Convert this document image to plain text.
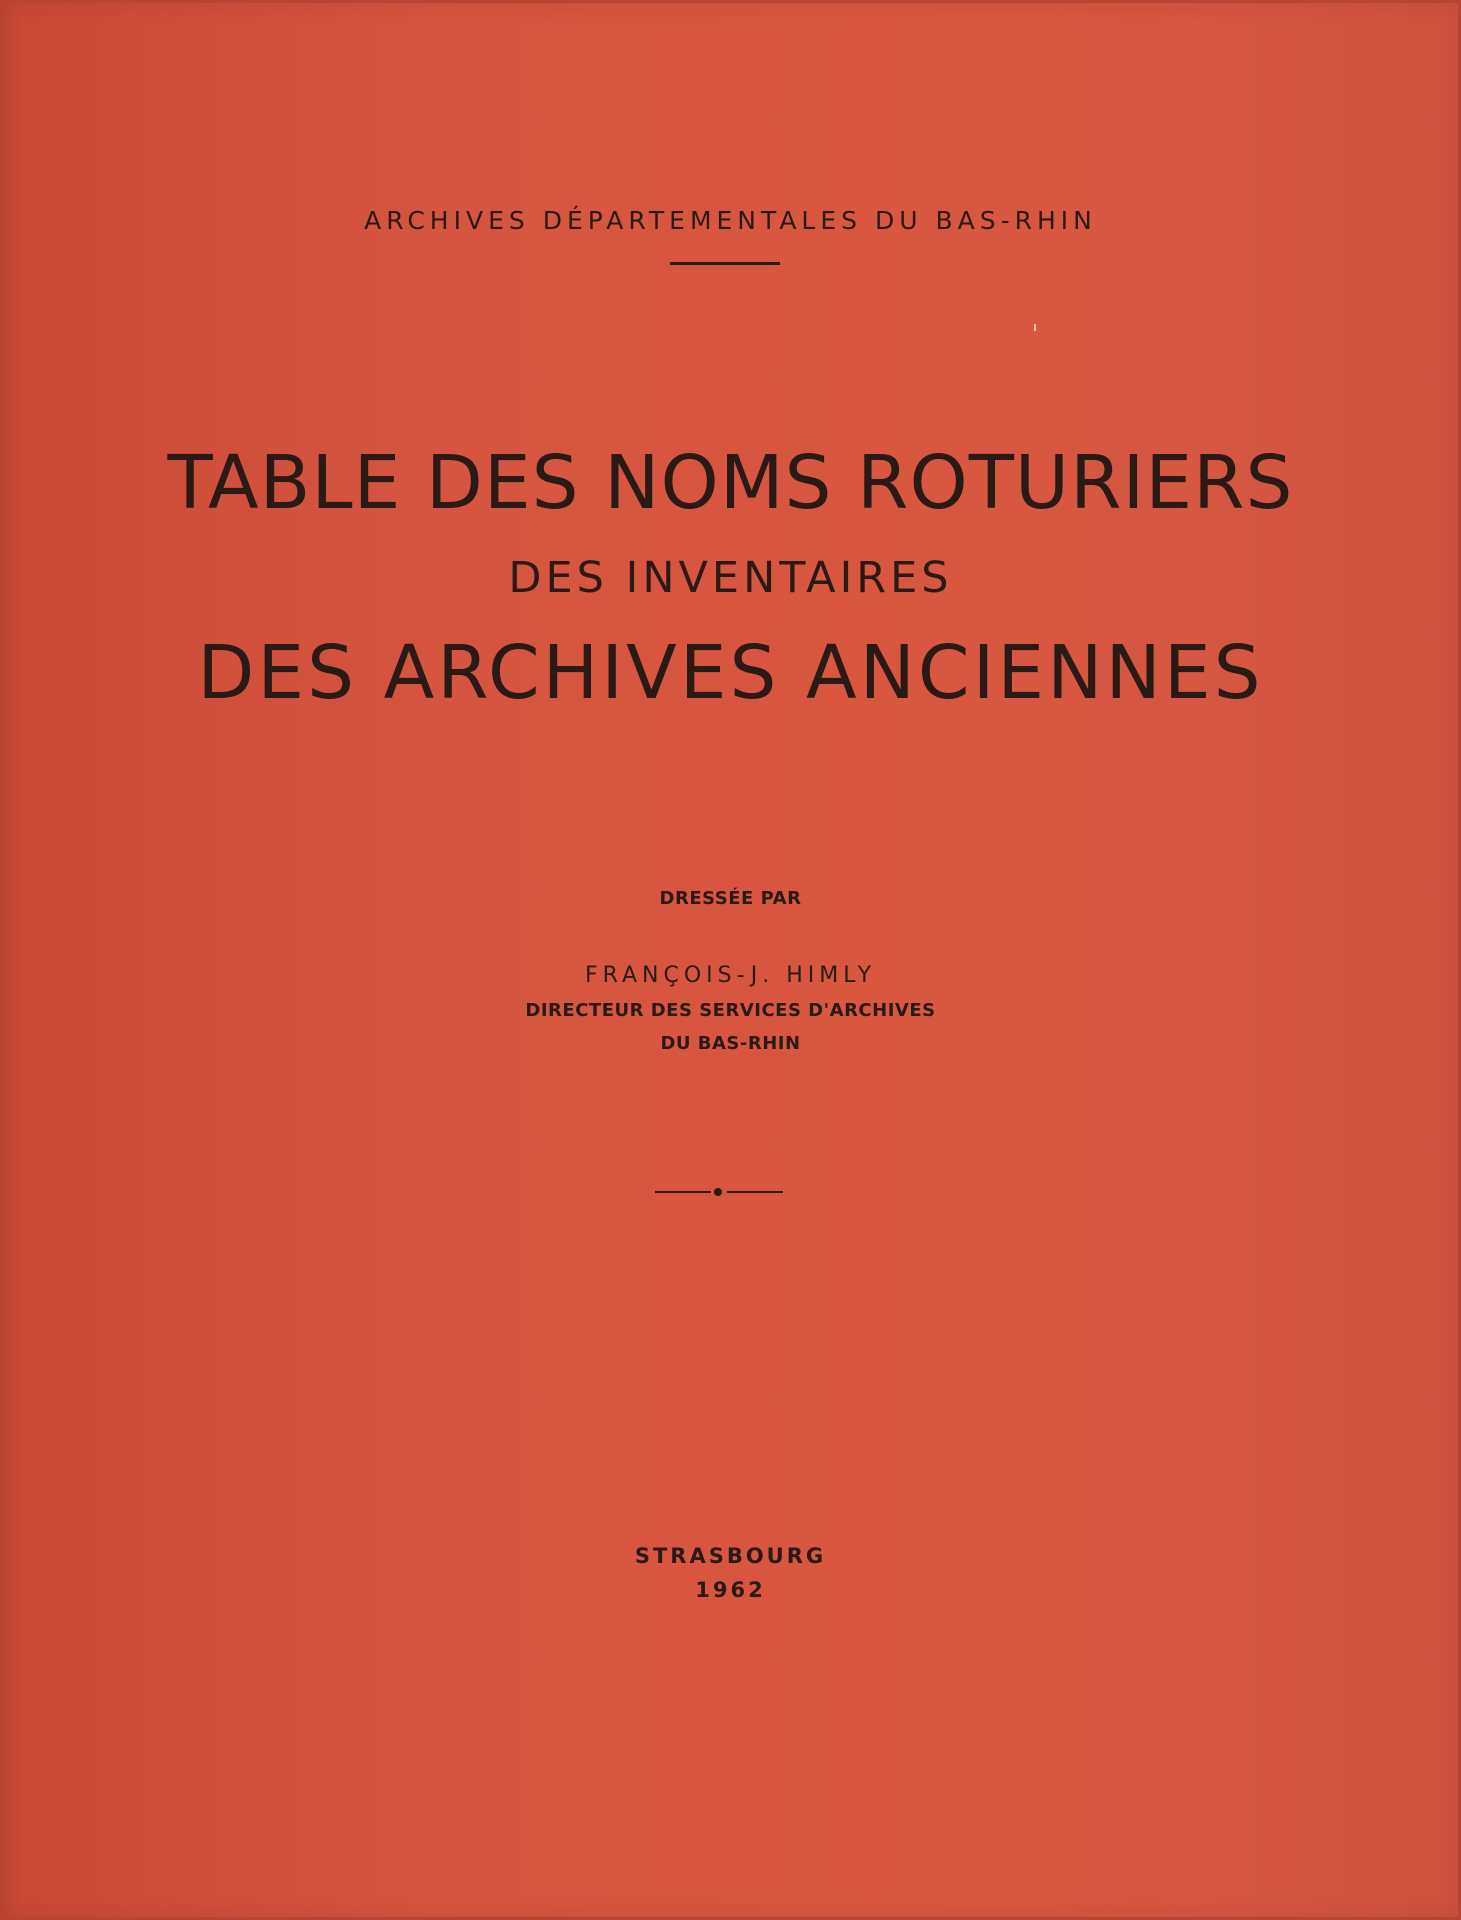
ARCHIVES DÉPARTEMENTALES DU BAS-RHIN

TABLE DES NOMS ROTURIERS
DES INVENTAIRES
DES ARCHIVES ANCIENNES

DRESSÉE PAR

FRANÇOIS-J. HIMLY

DIRECTEUR DES SERVICES D'ARCHIVES

DU BAS-RHIN

STRASBOURG

1962
